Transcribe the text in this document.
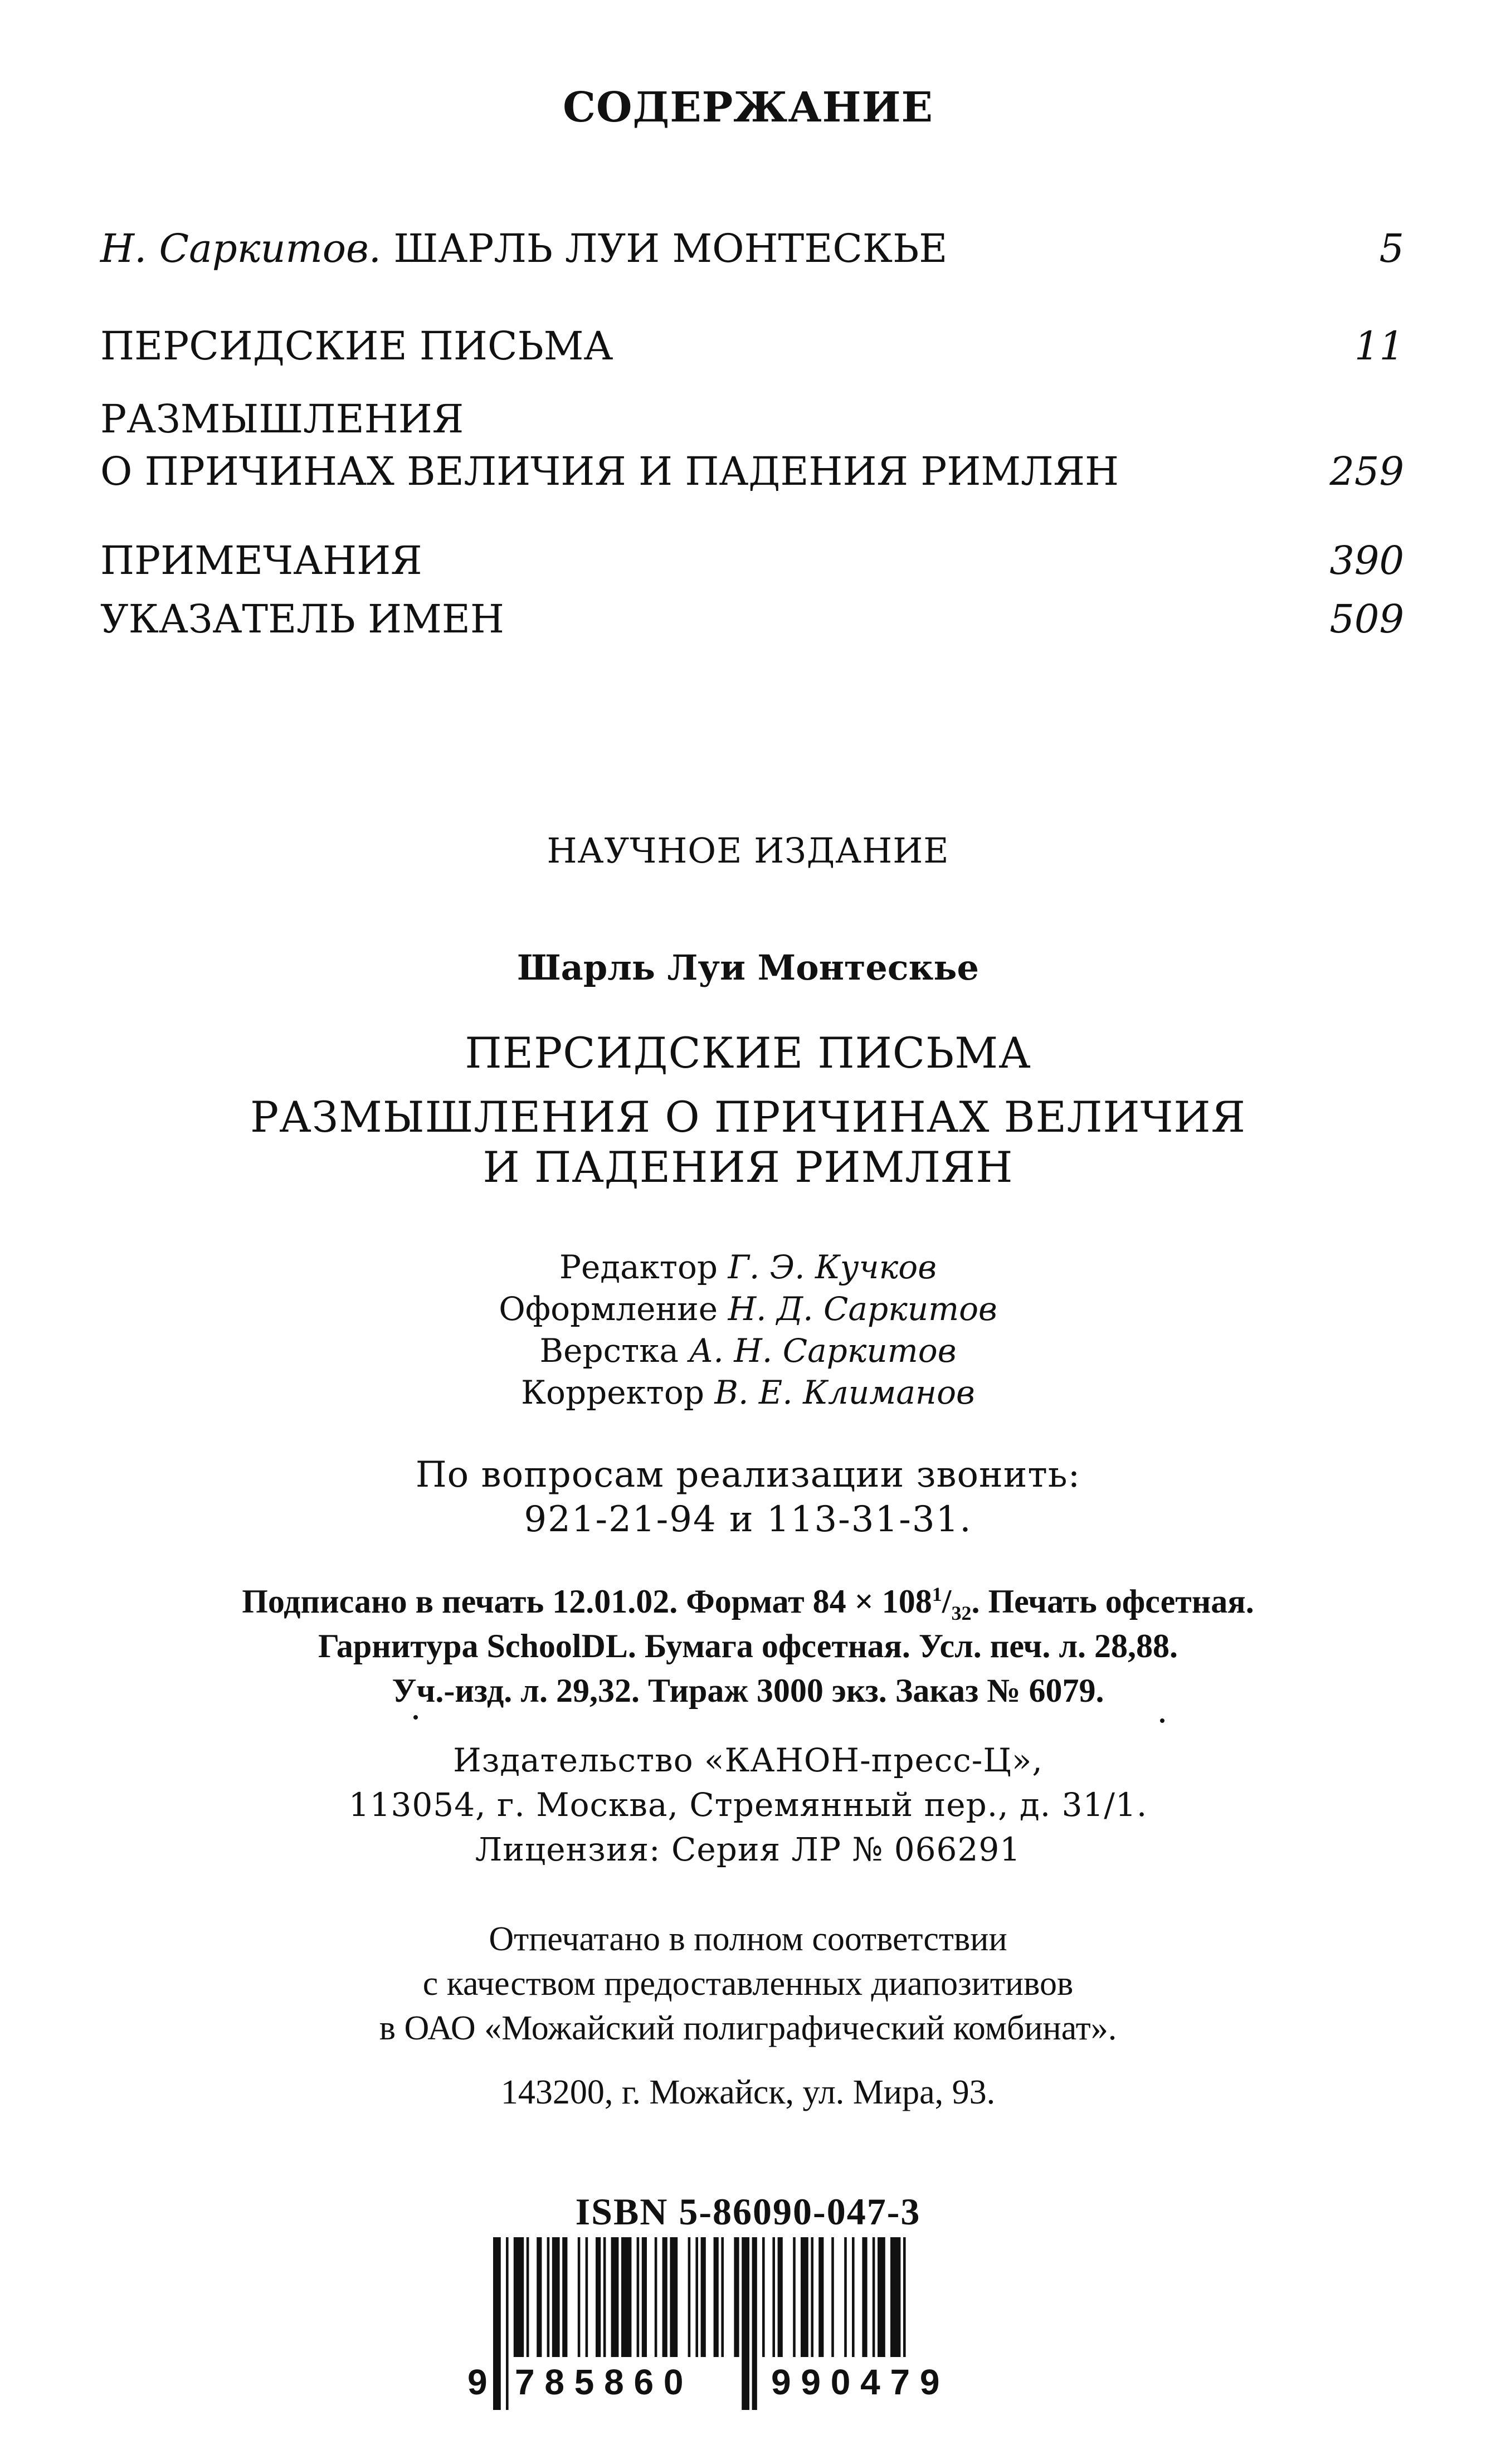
СОДЕРЖАНИЕ
Н. Саркитов. ШАРЛЬ ЛУИ МОНТЕСКЬЕ	5
ПЕРСИДСКИЕ ПИСЬМА	11
РАЗМЫШЛЕНИЯ
О ПРИЧИНАХ ВЕЛИЧИЯ И ПАДЕНИЯ РИМЛЯН	259
ПРИМЕЧАНИЯ	390
УКАЗАТЕЛЬ ИМЕН	509
НАУЧНОЕ ИЗДАНИЕ
Шарль Луи Монтескье
ПЕРСИДСКИЕ ПИСЬМА
РАЗМЫШЛЕНИЯ О ПРИЧИНАХ ВЕЛИЧИЯ
И ПАДЕНИЯ РИМЛЯН
Редактор Г. Э. Кучков
Оформление Н. Д. Саркитов
Верстка А. Н. Саркитов
Корректор В. Е. Климанов
По вопросам реализации звонить:
921-21-94 и 113-31-31.
Подписано в печать 12.01.02. Формат $84 \times 108^1/_{32}$. Печать офсетная.
Гарнитура SchoolDL. Бумага офсетная. Усл. печ. л. 28,88.
Уч.-изд. л. 29,32. Тираж 3000 экз. Заказ № 6079.
Издательство «КАНОН-пресс-Ц»,
113054, г. Москва, Стремянный пер., д. 31/1.
Лицензия: Серия ЛР № 066291
Отпечатано в полном соответствии
с качеством предоставленных диапозитивов
в ОАО «Можайский полиграфический комбинат».
143200, г. Можайск, ул. Мира, 93.
ISBN 5-86090-047-3
9 7 8 5 8 6 0 9 9 0 4 7 9
